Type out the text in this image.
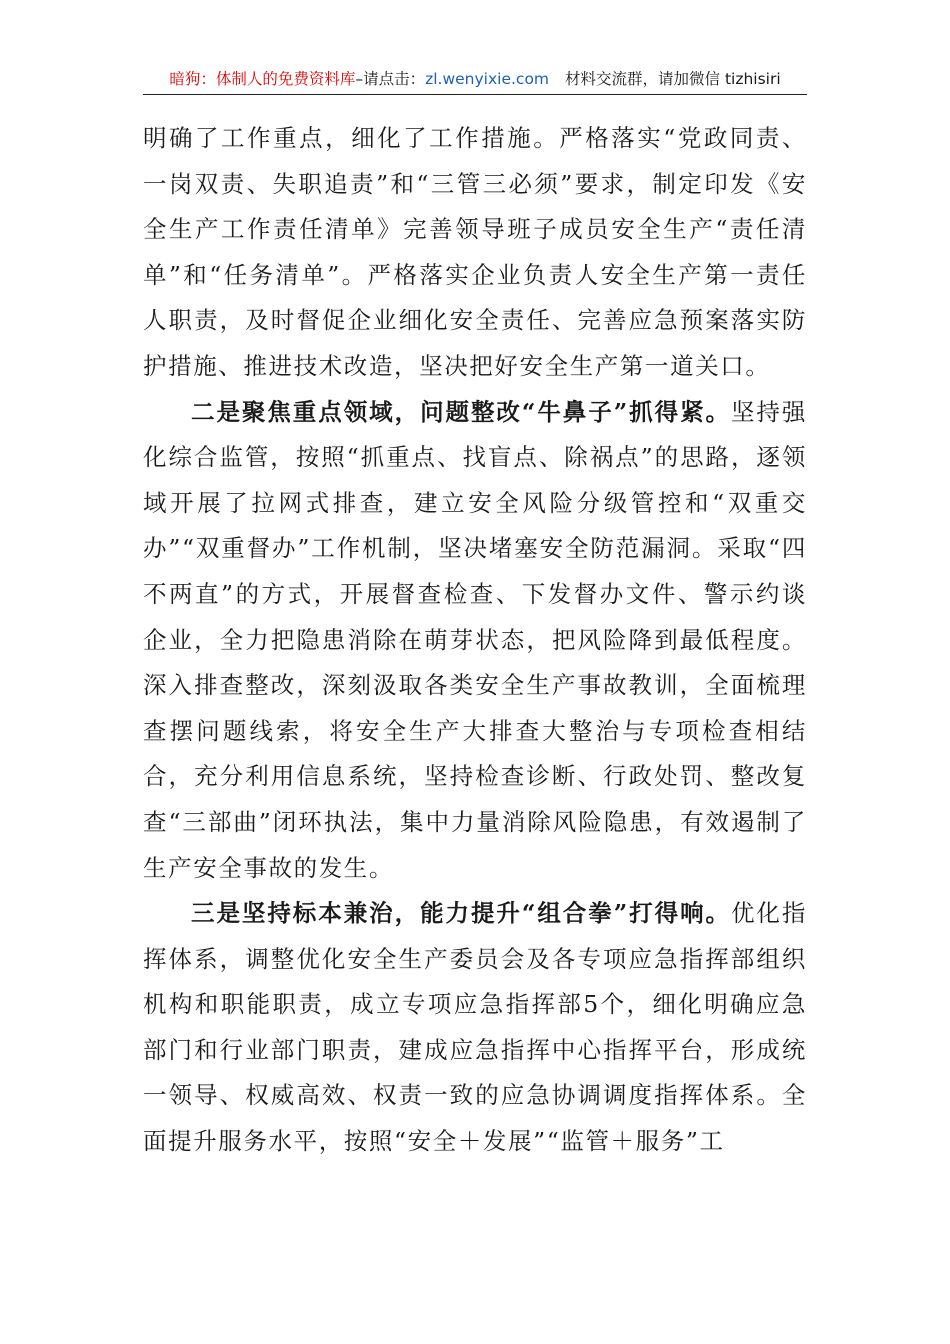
暗狗：体制人的免费资料库–请点击：zl.wenyixie.com 材料交流群，请加微信 tizhisiri

明确了工作重点，细化了工作措施。严格落实“党政同责、一岗双责、失职追责”和“三管三必须”要求，制定印发《安全生产工作责任清单》完善领导班子成员安全生产“责任清单”和“任务清单”。严格落实企业负责人安全生产第一责任人职责，及时督促企业细化安全责任、完善应急预案落实防护措施、推进技术改造，坚决把好安全生产第一道关口。

二是聚焦重点领域，问题整改“牛鼻子”抓得紧。坚持强化综合监管，按照“抓重点、找盲点、除祸点”的思路，逐领域开展了拉网式排查，建立安全风险分级管控和“双重交办”“双重督办”工作机制，坚决堵塞安全防范漏洞。采取“四不两直”的方式，开展督查检查、下发督办文件、警示约谈企业，全力把隐患消除在萌芽状态，把风险降到最低程度。深入排查整改，深刻汲取各类安全生产事故教训，全面梳理查摆问题线索，将安全生产大排查大整治与专项检查相结合，充分利用信息系统，坚持检查诊断、行政处罚、整改复查“三部曲”闭环执法，集中力量消除风险隐患，有效遏制了生产安全事故的发生。

三是坚持标本兼治，能力提升“组合拳”打得响。优化指挥体系，调整优化安全生产委员会及各专项应急指挥部组织机构和职能职责，成立专项应急指挥部5个，细化明确应急部门和行业部门职责，建成应急指挥中心指挥平台，形成统一领导、权威高效、权责一致的应急协调调度指挥体系。全面提升服务水平，按照“安全＋发展”“监管＋服务”工
